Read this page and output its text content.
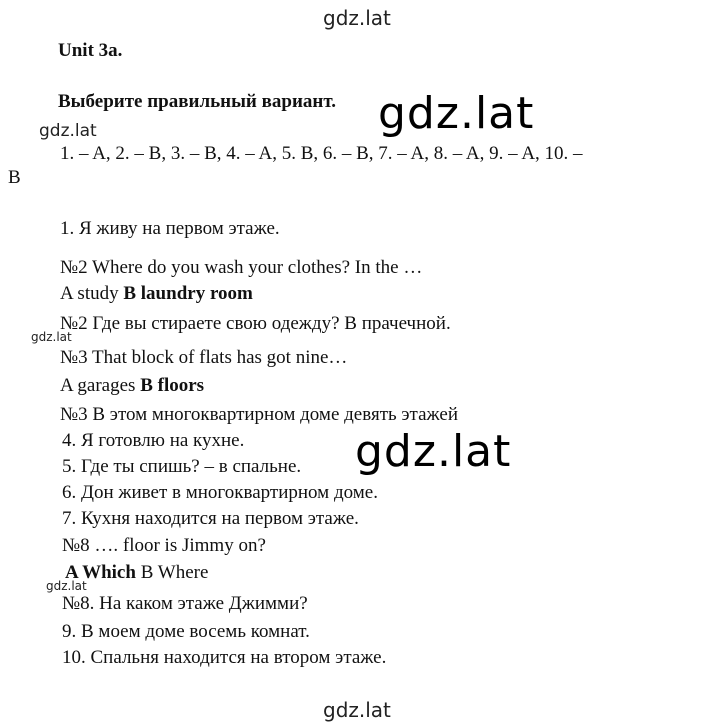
gdz.lat
gdz.lat
gdz.lat
gdz.lat
gdz.lat
gdz.lat
gdz.lat
Unit 3a.
Выберите правильный вариант.
1. – A, 2. – B, 3. – B, 4. – A, 5. B, 6. – B, 7. – A, 8. – A, 9. – A, 10. –
B
1. Я живу на первом этаже.
№2 Where do you wash your clothes? In the …
A study B laundry room
№2 Где вы стираете свою одежду? В прачечной.
№3 That block of flats has got nine…
A garages B floors
№3 В этом многоквартирном доме девять этажей
4. Я готовлю на кухне.
5. Где ты спишь? – в спальне.
6. Дон живет в многоквартирном доме.
7. Кухня находится на первом этаже.
№8 …. floor is Jimmy on?
A Which B Where
№8. На каком этаже Джимми?
9. В моем доме восемь комнат.
10. Спальня находится на втором этаже.
